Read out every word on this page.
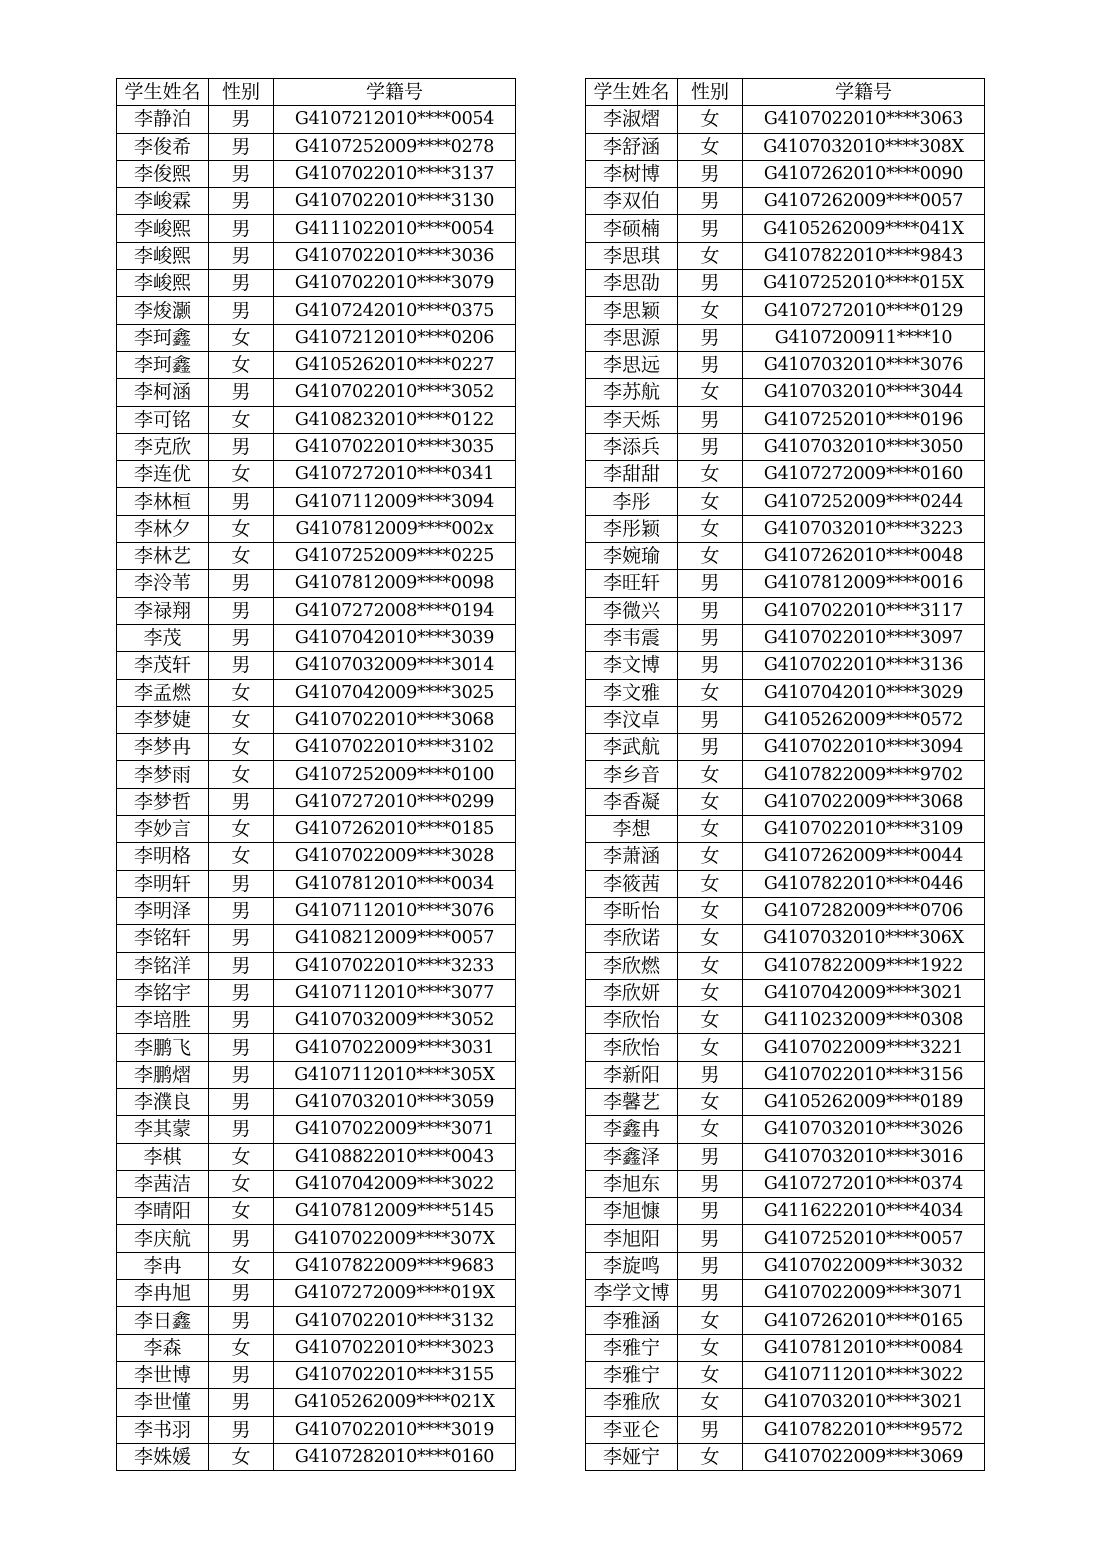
学生姓名	性别	学籍号
李静泊	男	G4107212010****0054
李俊希	男	G4107252009****0278
李俊熙	男	G4107022010****3137
李峻霖	男	G4107022010****3130
李峻熙	男	G4111022010****0054
李峻熙	男	G4107022010****3036
李峻熙	男	G4107022010****3079
李焌灏	男	G4107242010****0375
李珂鑫	女	G4107212010****0206
李珂鑫	女	G4105262010****0227
李柯涵	男	G4107022010****3052
李可铭	女	G4108232010****0122
李克欣	男	G4107022010****3035
李连优	女	G4107272010****0341
李林桓	男	G4107112009****3094
李林夕	女	G4107812009****002x
李林艺	女	G4107252009****0225
李泠苇	男	G4107812009****0098
李禄翔	男	G4107272008****0194
李茂	男	G4107042010****3039
李茂轩	男	G4107032009****3014
李孟燃	女	G4107042009****3025
李梦婕	女	G4107022010****3068
李梦冉	女	G4107022010****3102
李梦雨	女	G4107252009****0100
李梦哲	男	G4107272010****0299
李妙言	女	G4107262010****0185
李明格	女	G4107022009****3028
李明轩	男	G4107812010****0034
李明泽	男	G4107112010****3076
李铭轩	男	G4108212009****0057
李铭洋	男	G4107022010****3233
李铭宇	男	G4107112010****3077
李培胜	男	G4107032009****3052
李鹏飞	男	G4107022009****3031
李鹏熠	男	G4107112010****305X
李濮良	男	G4107032010****3059
李其蒙	男	G4107022009****3071
李棋	女	G4108822010****0043
李茜洁	女	G4107042009****3022
李晴阳	女	G4107812009****5145
李庆航	男	G4107022009****307X
李冉	女	G4107822009****9683
李冉旭	男	G4107272009****019X
李日鑫	男	G4107022010****3132
李森	女	G4107022010****3023
李世博	男	G4107022010****3155
李世懂	男	G4105262009****021X
李书羽	男	G4107022010****3019
李姝媛	女	G4107282010****0160
学生姓名	性别	学籍号
李淑熠	女	G4107022010****3063
李舒涵	女	G4107032010****308X
李树博	男	G4107262010****0090
李双伯	男	G4107262009****0057
李硕楠	男	G4105262009****041X
李思琪	女	G4107822010****9843
李思劭	男	G4107252010****015X
李思颖	女	G4107272010****0129
李思源	男	G4107200911****10
李思远	男	G4107032010****3076
李苏航	女	G4107032010****3044
李天烁	男	G4107252010****0196
李添兵	男	G4107032010****3050
李甜甜	女	G4107272009****0160
李彤	女	G4107252009****0244
李彤颖	女	G4107032010****3223
李婉瑜	女	G4107262010****0048
李旺轩	男	G4107812009****0016
李微兴	男	G4107022010****3117
李韦震	男	G4107022010****3097
李文博	男	G4107022010****3136
李文雅	女	G4107042010****3029
李汶卓	男	G4105262009****0572
李武航	男	G4107022010****3094
李乡音	女	G4107822009****9702
李香凝	女	G4107022009****3068
李想	女	G4107022010****3109
李萧涵	女	G4107262009****0044
李筱茜	女	G4107822010****0446
李昕怡	女	G4107282009****0706
李欣诺	女	G4107032010****306X
李欣燃	女	G4107822009****1922
李欣妍	女	G4107042009****3021
李欣怡	女	G4110232009****0308
李欣怡	女	G4107022009****3221
李新阳	男	G4107022010****3156
李馨艺	女	G4105262009****0189
李鑫冉	女	G4107032010****3026
李鑫泽	男	G4107032010****3016
李旭东	男	G4107272010****0374
李旭慷	男	G4116222010****4034
李旭阳	男	G4107252010****0057
李旋鸣	男	G4107022009****3032
李学文博	男	G4107022009****3071
李雅涵	女	G4107262010****0165
李雅宁	女	G4107812010****0084
李雅宁	女	G4107112010****3022
李雅欣	女	G4107032010****3021
李亚仑	男	G4107822010****9572
李娅宁	女	G4107022009****3069
